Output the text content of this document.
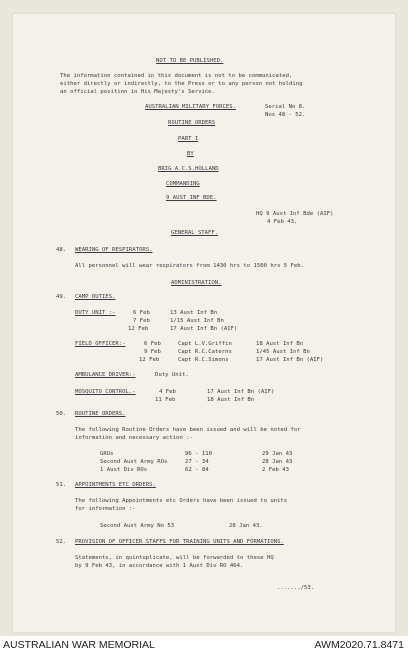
NOT TO BE PUBLISHED.
The information contained in this document is not to be communicated,
either directly or indirectly, to the Press or to any person not holding
an official position in His Majesty's Service.
AUSTRALIAN MILITARY FORCES.	Serial No 8.
Nos 48 - 52.
ROUTINE ORDERS
PART I
BY
BRIG A.C.S.HOLLAND
COMMANDING
9 AUST INF BDE.
HQ 9 Aust Inf Bde (AIF)
4 Feb 43.
GENERAL STAFF.
48. WEARING OF RESPIRATORS.
All personnel will wear respirators from 1430 hrs to 1500 hrs 5 Feb.
ADMINISTRATION.
49. CAMP DUTIES.
DUTY UNIT :-	6 Feb	13 Aust Inf Bn
7 Feb	1/15 Aust Inf Bn
12 Feb	17 Aust Inf Bn (AIF)
FIELD OFFICER:-	6 Feb	Capt L.V.Griffin	18 Aust Inf Bn
9 Feb	Capt R.C.Caterns	1/45 Aust Inf Bn
12 Feb	Capt R.C.Simons	17 Aust Inf Bn (AIF)
AMBULANCE DRIVER:-	Duty Unit.
MOSQUITO CONTROL.-	4 Feb	17 Aust Inf Bn (AIF)
11 Feb	18 Aust Inf Bn
50. ROUTINE ORDERS.
The following Routine Orders have been issued and will be noted for
information and necessary action :-
GROs	96 - 110	29 Jan 43
Second Aust Army ROs	27 - 34	28 Jan 43
1 Aust Div ROs	62 - 84	2 Feb 43
51. APPOINTMENTS ETC ORDERS.
The following Appointments etc Orders have been issued to units
for information :-
Second Aust Army No 53	28 Jan 43.
52. PROVISION OF OFFICER STAFFS FOR TRAINING UNITS AND FORMATIONS.
Statements, in quintuplicate, will be forwarded to these HQ
by 9 Feb 43, in accordance with 1 Aust Div RO 464.
......./53.
AUSTRALIAN WAR MEMORIAL	AWM2020.71.8471
